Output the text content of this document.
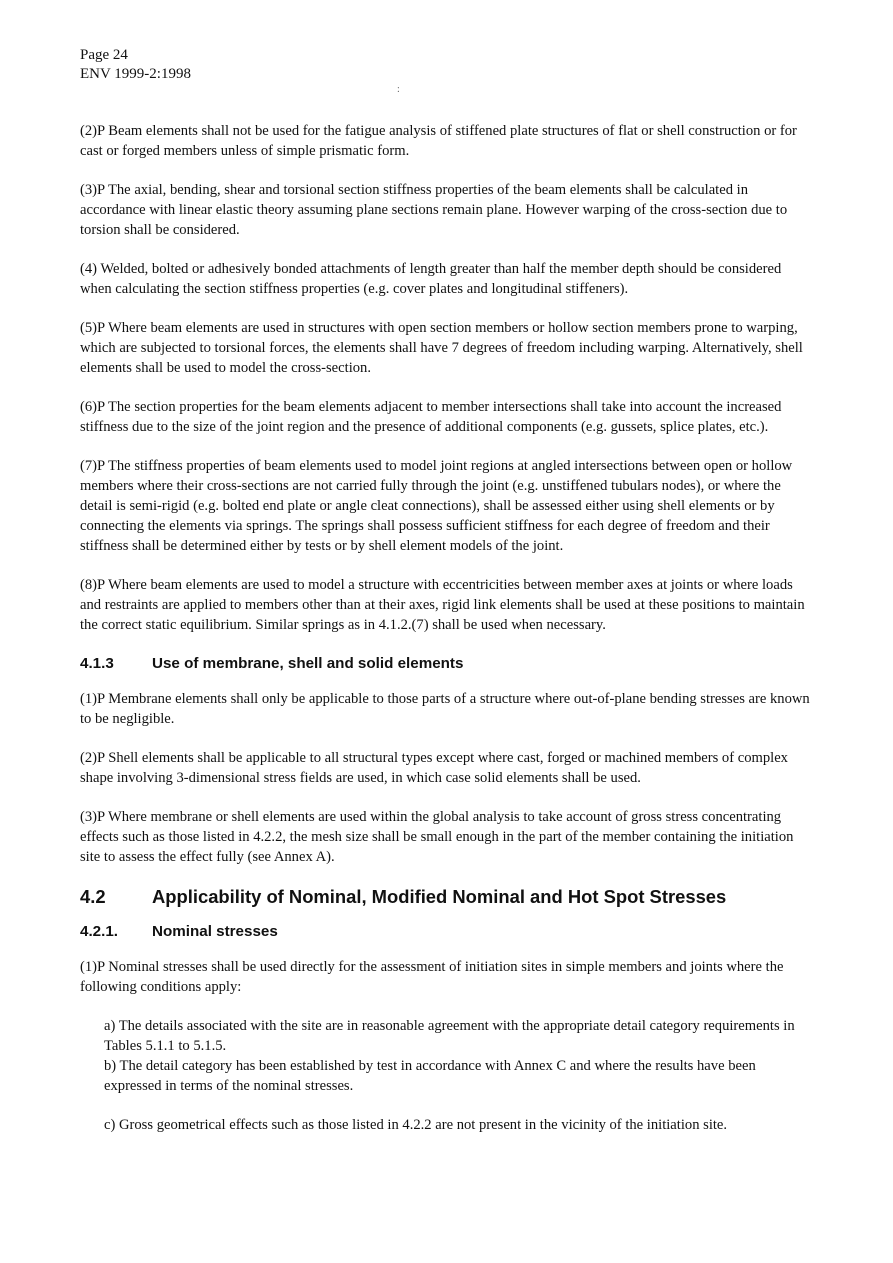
Page 24
ENV 1999-2:1998
:

(2)P Beam elements shall not be used for the fatigue analysis of stiffened plate structures of flat or shell construction or for cast or forged members unless of simple prismatic form.

(3)P The axial, bending, shear and torsional section stiffness properties of the beam elements shall be calculated in accordance with linear elastic theory assuming plane sections remain plane. However warping of the cross-section due to torsion shall be considered.

(4) Welded, bolted or adhesively bonded attachments of length greater than half the member depth should be considered when calculating the section stiffness properties (e.g. cover plates and longitudinal stiffeners).

(5)P Where beam elements are used in structures with open section members or hollow section members prone to warping, which are subjected to torsional forces, the elements shall have 7 degrees of freedom including warping. Alternatively, shell elements shall be used to model the cross-section.

(6)P The section properties for the beam elements adjacent to member intersections shall take into account the increased stiffness due to the size of the joint region and the presence of additional components (e.g. gussets, splice plates, etc.).

(7)P The stiffness properties of beam elements used to model joint regions at angled intersections between open or hollow members where their cross-sections are not carried fully through the joint (e.g. unstiffened tubulars nodes), or where the detail is semi-rigid (e.g. bolted end plate or angle cleat connections), shall be assessed either using shell elements or by connecting the elements via springs. The springs shall possess sufficient stiffness for each degree of freedom and their stiffness shall be determined either by tests or by shell element models of the joint.

(8)P Where beam elements are used to model a structure with eccentricities between member axes at joints or where loads and restraints are applied to members other than at their axes, rigid link elements shall be used at these positions to maintain the correct static equilibrium. Similar springs as in 4.1.2.(7) shall be used when necessary.

4.1.3	Use of membrane, shell and solid elements

(1)P Membrane elements shall only be applicable to those parts of a structure where out-of-plane bending stresses are known to be negligible.

(2)P Shell elements shall be applicable to all structural types except where cast, forged or machined members of complex shape involving 3-dimensional stress fields are used, in which case solid elements shall be used.

(3)P Where membrane or shell elements are used within the global analysis to take account of gross stress concentrating effects such as those listed in 4.2.2, the mesh size shall be small enough in the part of the member containing the initiation site to assess the effect fully (see Annex A).

4.2	Applicability of Nominal, Modified Nominal and Hot Spot Stresses
4.2.1.	Nominal stresses

(1)P Nominal stresses shall be used directly for the assessment of initiation sites in simple members and joints where the following conditions apply:

a) The details associated with the site are in reasonable agreement with the appropriate detail category requirements in Tables 5.1.1 to 5.1.5.

b) The detail category has been established by test in accordance with Annex C and where the results have been expressed in terms of the nominal stresses.

c) Gross geometrical effects such as those listed in 4.2.2 are not present in the vicinity of the initiation site.
